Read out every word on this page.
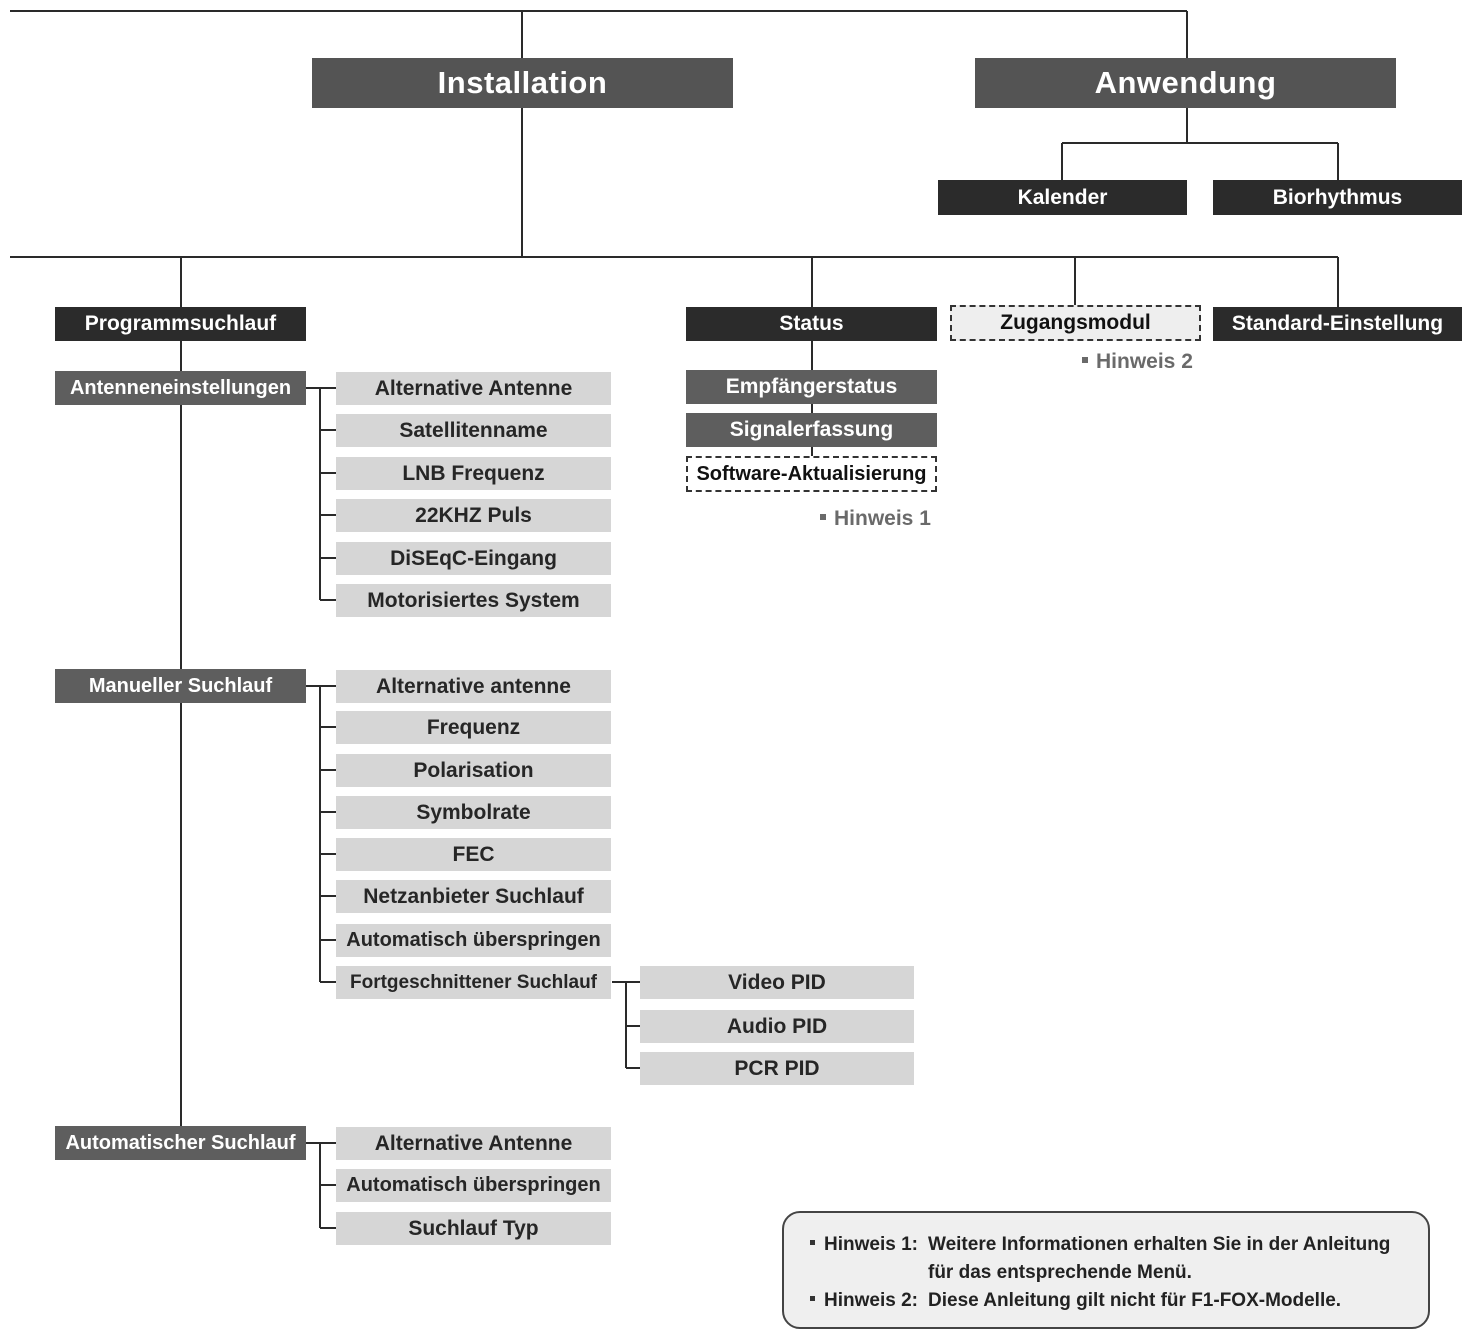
Installation	Anwendung
Kalender	Biorhythmus
Programmsuchlauf	Status	Zugangsmodul	Standard-Einstellung
Empfängerstatus
Signalerfassung
Software-Aktualisierung
Hinweis 1
Hinweis 2
Antenneneinstellungen
Manueller Suchlauf
Automatischer Suchlauf
Alternative Antenne
Satellitenname
LNB Frequenz
22KHZ Puls
DiSEqC-Eingang
Motorisiertes System
Alternative antenne
Frequenz
Polarisation
Symbolrate
FEC
Netzanbieter Suchlauf
Automatisch überspringen
Fortgeschnittener Suchlauf	Video PID
Audio PID
PCR PID
Alternative Antenne
Automatisch überspringen
Suchlauf Typ
Hinweis 1: Weitere Informationen erhalten Sie in der Anleitung
für das entsprechende Menü.
Hinweis 2: Diese Anleitung gilt nicht für F1-FOX-Modelle.
